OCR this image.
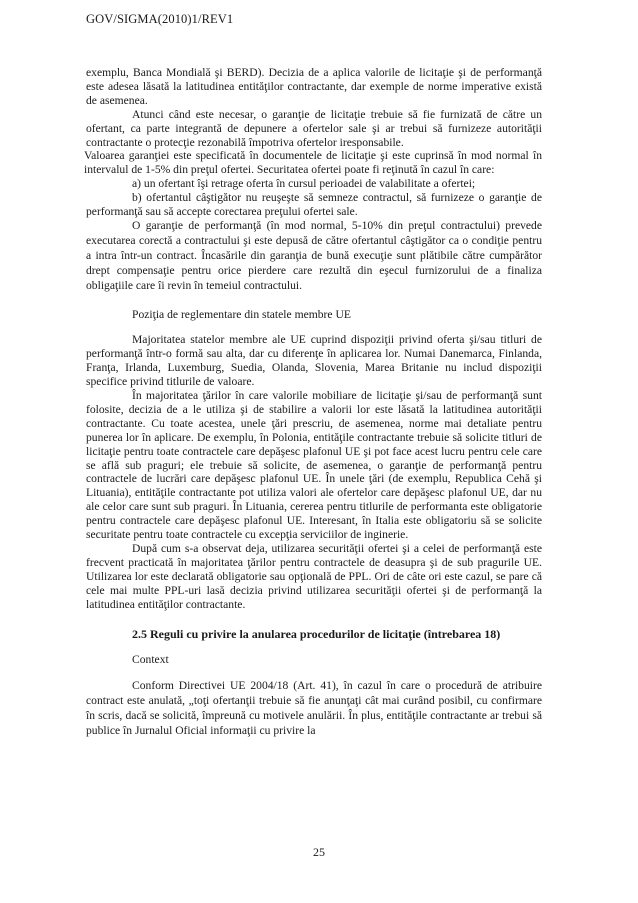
GOV/SIGMA(2010)1/REV1

exemplu, Banca Mondială şi BERD). Decizia de a aplica valorile de licitaţie şi de performanţă este adesea lăsată la latitudinea entităţilor contractante, dar exemple de norme imperative există de asemenea.

Atunci când este necesar, o garanţie de licitaţie trebuie să fie furnizată de către un ofertant, ca parte integrantă de depunere a ofertelor sale şi ar trebui să furnizeze autorităţii contractante o protecţie rezonabilă împotriva ofertelor iresponsabile.

Valoarea garanţiei este specificată în documentele de licitaţie şi este cuprinsă în mod normal în intervalul de 1-5% din preţul ofertei. Securitatea ofertei poate fi reţinută în cazul în care:

a) un ofertant îşi retrage oferta în cursul perioadei de valabilitate a ofertei;

b) ofertantul câştigător nu reuşeşte să semneze contractul, să furnizeze o garanţie de performanţă sau să accepte corectarea preţului ofertei sale.

O garanţie de performanţă (în mod normal, 5-10% din preţul contractului) prevede executarea corectă a contractului şi este depusă de către ofertantul câştigător ca o condiţie pentru a intra într-un contract. Încasările din garanţia de bună execuţie sunt plătibile către cumpărător drept compensaţie pentru orice pierdere care rezultă din eşecul furnizorului de a finaliza obligaţiile care îi revin în temeiul contractului.

Poziţia de reglementare din statele membre UE

Majoritatea statelor membre ale UE cuprind dispoziţii privind oferta şi/sau titluri de performanţă într-o formă sau alta, dar cu diferenţe în aplicarea lor. Numai Danemarca, Finlanda, Franţa, Irlanda, Luxemburg, Suedia, Olanda, Slovenia, Marea Britanie nu includ dispoziţii specifice privind titlurile de valoare.

În majoritatea ţărilor în care valorile mobiliare de licitaţie şi/sau de performanţă sunt folosite, decizia de a le utiliza şi de stabilire a valorii lor este lăsată la latitudinea autorităţii contractante. Cu toate acestea, unele ţări prescriu, de asemenea, norme mai detaliate pentru punerea lor în aplicare. De exemplu, în Polonia, entităţile contractante trebuie să solicite titluri de licitaţie pentru toate contractele care depăşesc plafonul UE şi pot face acest lucru pentru cele care se află sub praguri; ele trebuie să solicite, de asemenea, o garanţie de performanţă pentru contractele de lucrări care depăşesc plafonul UE. În unele ţări (de exemplu, Republica Cehă şi Lituania), entităţile contractante pot utiliza valori ale ofertelor care depăşesc plafonul UE, dar nu ale celor care sunt sub praguri. În Lituania, cererea pentru titlurile de performanta este obligatorie pentru contractele care depăşesc plafonul UE. Interesant, în Italia este obligatoriu să se solicite securitate pentru toate contractele cu excepţia serviciilor de inginerie.

După cum s-a observat deja, utilizarea securităţii ofertei şi a celei de performanţă este frecvent practicată în majoritatea ţărilor pentru contractele de deasupra şi de sub pragurile UE. Utilizarea lor este declarată obligatorie sau opţională de PPL. Ori de câte ori este cazul, se pare că cele mai multe PPL-uri lasă decizia privind utilizarea securităţii ofertei şi de performanţă la latitudinea entităţilor contractante.

2.5 Reguli cu privire la anularea procedurilor de licitaţie (întrebarea 18)

Context

Conform Directivei UE 2004/18 (Art. 41), în cazul în care o procedură de atribuire contract este anulată, „toţi ofertanţii trebuie să fie anunţaţi cât mai curând posibil, cu confirmare în scris, dacă se solicită, împreună cu motivele anulării. În plus, entităţile contractante ar trebui să publice în Jurnalul Oficial informaţii cu privire la

25
